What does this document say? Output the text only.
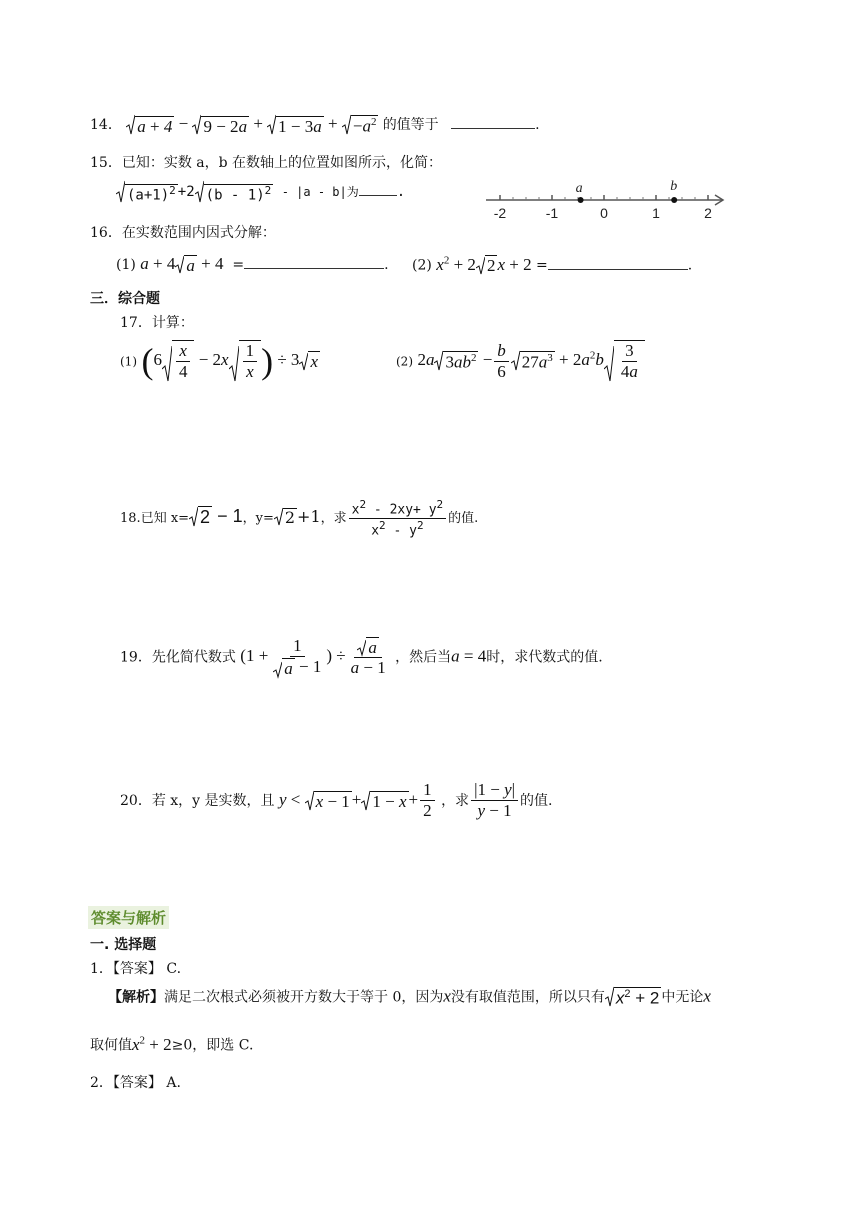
14． $a + 4 - 9 - 2a + 1 - 3a + -a^2$ 的值等于	.
15．已知：实数 a，b 在数轴上的位置如图所示，化简：
$(a+1)^2 +2$ (b - 1)$^2$ - |a - b|为	.
-2	-1	0	1	2
a	b
16．在实数范围内因式分解：
(1) a + 4 a + 4 =	. (2) $x^2 + 2$ 2 x + 2 =	.
三．综合题
17．计算：
(1) ($6 \frac{x}{4} - 2x \frac{1}{x}$ ) ÷ 3 x	(2) 2a $3ab^2 - \frac{b}{6} 27a^3 + 2a^2b \frac{3}{4a}$
18.已知 x= 2 − 1，y= 2 +1，求 $\frac{x^2 - 2xy+ y^2}{x^2 - y^2}$ 的值.
19．先化简代数式 ($1 + \frac{1}{a - 1}$ ) ÷ $\frac{a}{a - 1}$ ，然后当a = 4时，求代数式的值.
20．若 x，y 是实数，且 $y < x - 1 + 1 - x + \frac{1}{2}$ ，求 $\frac{|1 - y|}{y - 1}$ 的值.
答案与解析
一. 选择题
1．【答案】 C.
【解析】满足二次根式必须被开方数大于等于 0，因为x没有取值范围，所以只有 $x^2 + 2$ 中无论x
取何值$x^2 + 2\ge 0$，即选 C.
2．【答案】 A.
